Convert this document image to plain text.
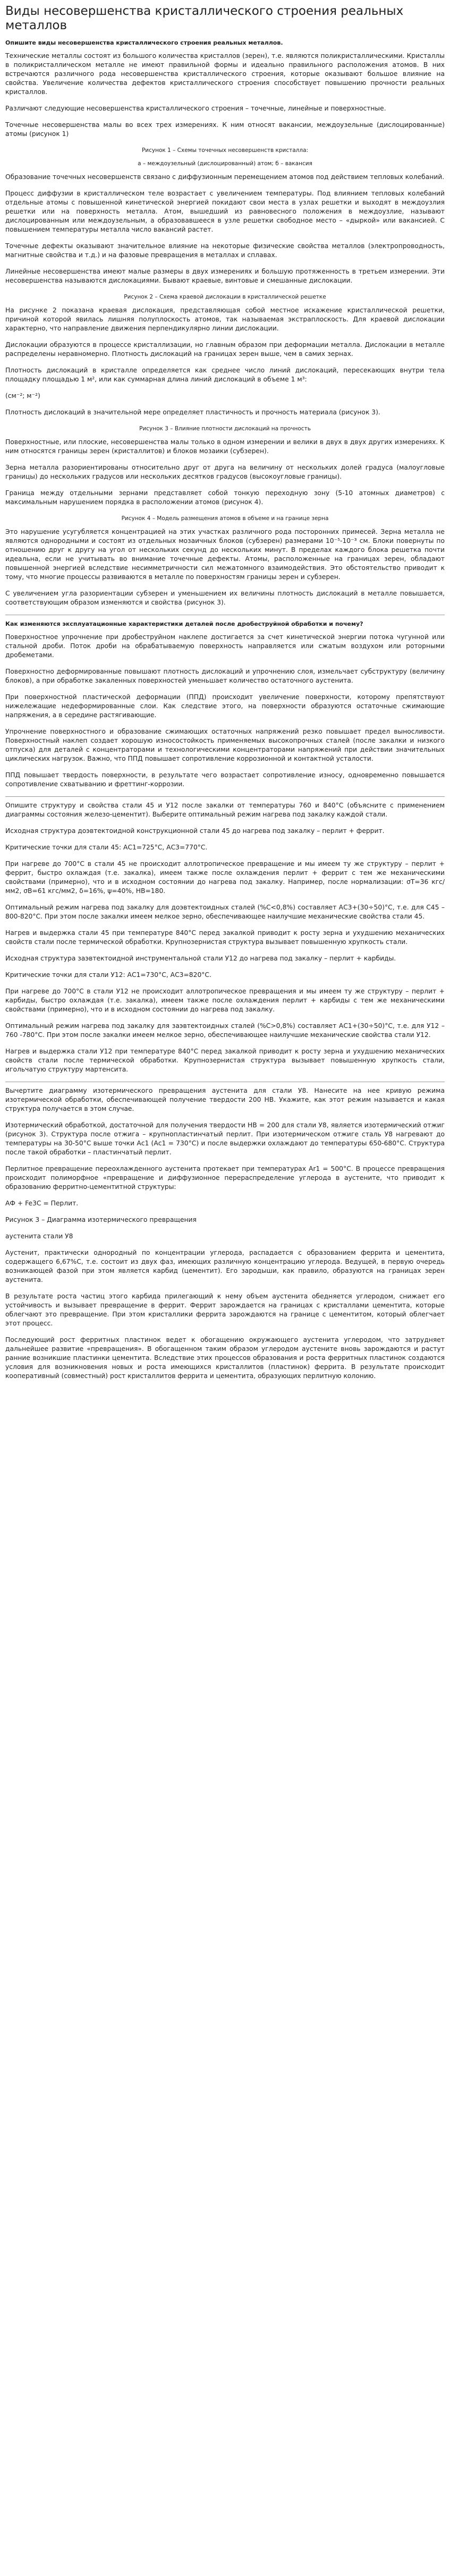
Виды несовершенства кристаллического строения реальных металлов

Опишите виды несовершенства кристаллического строения реальных металлов.

Технические металлы состоят из большого количества кристаллов (зерен), т.е. являются поликристаллическими. Кристаллы в поликристаллическом металле не имеют правильной формы и идеально правильного расположения атомов. В них встречаются различного рода несовершенства кристаллического строения, которые оказывают большое влияние на свойства. Увеличение количества дефектов кристаллического строения способствует повышению прочности реальных кристаллов.

Различают следующие несовершенства кристаллического строения – точечные, линейные и поверхностные.

Точечные несовершенства малы во всех трех измерениях. К ним относят вакансии, междоузельные (дислоцированные) атомы (рисунок 1)

Рисунок 1 – Схемы точечных несовершенств кристалла:
а – междоузельный (дислоцированный) атом; б – вакансия

Образование точечных несовершенств связано с диффузионным перемещением атомов под действием тепловых колебаний.

Процесс диффузии в кристаллическом теле возрастает с увеличением температуры. Под влиянием тепловых колебаний отдельные атомы с повышенной кинетической энергией покидают свои места в узлах решетки и выходят в междоузлия решетки или на поверхность металла. Атом, вышедший из равновесного положения в междоузлие, называют дислоцированным или междоузельным, а образовавшееся в узле решетки свободное место – «дыркой» или вакансией. С повышением температуры металла число вакансий растет.

Точечные дефекты оказывают значительное влияние на некоторые физические свойства металлов (электропроводность, магнитные свойства и т.д.) и на фазовые превращения в металлах и сплавах.

Линейные несовершенства имеют малые размеры в двух измерениях и большую протяженность в третьем измерении. Эти несовершенства называются дислокациями. Бывают краевые, винтовые и смешанные дислокации.

Рисунок 2 – Схема краевой дислокации в кристаллической решетке

На рисунке 2 показана краевая дислокация, представляющая собой местное искажение кристаллической решетки, причиной которой явилась лишняя полуплоскость атомов, так называемая экстраплоскость. Для краевой дислокации характерно, что направление движения перпендикулярно линии дислокации.

Дислокации образуются в процессе кристаллизации, но главным образом при деформации металла. Дислокации в металле распределены неравномерно. Плотность дислокаций на границах зерен выше, чем в самих зернах.

Плотность дислокаций в кристалле определяется как среднее число линий дислокаций, пересекающих внутри тела площадку площадью 1 м², или как суммарная длина линий дислокаций в объеме 1 м³:

(см⁻²; м⁻²)

Плотность дислокаций в значительной мере определяет пластичность и прочность материала (рисунок 3).

Рисунок 3 – Влияние плотности дислокаций на прочность

Поверхностные, или плоские, несовершенства малы только в одном измерении и велики в двух в двух других измерениях. К ним относятся границы зерен (кристаллитов) и блоков мозаики (субзерен).

Зерна металла разориентированы относительно друг от друга на величину от нескольких долей градуса (малоугловые границы) до нескольких градусов или нескольких десятков градусов (высокоугловые границы).

Граница между отдельными зернами представляет собой тонкую переходную зону (5-10 атомных диаметров) с максимальным нарушением порядка в расположении атомов (рисунок 4).

Рисунок 4 – Модель размещения атомов в объеме и на границе зерна

Это нарушение усугубляется концентрацией на этих участках различного рода посторонних примесей. Зерна металла не являются однородными и состоят из отдельных мозаичных блоков (субзерен) размерами 10⁻⁵-10⁻³ см. Блоки повернуты по отношению друг к другу на угол от нескольких секунд до нескольких минут. В пределах каждого блока решетка почти идеальна, если не учитывать во внимание точечные дефекты. Атомы, расположенные на границах зерен, обладают повышенной энергией вследствие несимметричности сил межатомного взаимодействия. Это обстоятельство приводит к тому, что многие процессы развиваются в металле по поверхностям границы зерен и субзерен.

С увеличением угла разориентации субзерен и уменьшением их величины плотность дислокаций в металле повышается, соответствующим образом изменяются и свойства (рисунок 3).

Как изменяются эксплуатационные характеристики деталей после дробеструйной обработки и почему?

Поверхностное упрочнение при дробеструйном наклепе достигается за счет кинетической энергии потока чугунной или стальной дроби. Поток дроби на обрабатываемую поверхность направляется или сжатым воздухом или роторными дробеметами.

Поверхностно деформированные повышают плотность дислокаций и упрочнению слоя, измельчает субструктуру (величину блоков), а при обработке закаленных поверхностей уменьшает количество остаточного аустенита.

При поверхностной пластической деформации (ППД) происходит увеличение поверхности, которому препятствуют нижележащие недеформированные слои. Как следствие этого, на поверхности образуются остаточные сжимающие напряжения, а в середине растягивающие.

Упрочнение поверхностного и образование сжимающих остаточных напряжений резко повышает предел выносливости. Поверхностный наклеп создает хорошую износостойкость применяемых высокопрочных сталей (после закалки и низкого отпуска) для деталей с концентраторами и технологическими концентраторами напряжений при действии значительных циклических нагрузок. Важно, что ППД повышает сопротивление коррозионной и контактной усталости.

ППД повышает твердость поверхности, в результате чего возрастает сопротивление износу, одновременно повышается сопротивление схватыванию и фреттинг-коррозии.

Опишите структуру и свойства стали 45 и У12 после закалки от температуры 760 и 840°С (объясните с применением диаграммы состояния железо-цементит). Выберите оптимальный режим нагрева под закалку каждой стали.

Исходная структура доэвтектоидной конструкционной стали 45 до нагрева под закалку – перлит + феррит.

Критические точки для стали 45: АС1=725°С, АС3=770°С.

При нагреве до 700°С в стали 45 не происходит аллотропическое превращение и мы имеем ту же структуру – перлит + феррит, быстро охлаждая (т.е. закалка), имеем также после охлаждения перлит + феррит с тем же механическими свойствами (примерно), что и в исходном состоянии до нагрева под закалку. Например, после нормализации: σТ=36 кгс/мм2, σВ=61 кгс/мм2, δ=16%, ψ=40%, НВ=180.

Оптимальный режим нагрева под закалку для доэвтектоидных сталей (%С<0,8%) составляет АС3+(30÷50)°С, т.е. для С45 – 800-820°С. При этом после закалки имеем мелкое зерно, обеспечивающее наилучшие механические свойства стали 45.

Нагрев и выдержка стали 45 при температуре 840°С перед закалкой приводит к росту зерна и ухудшению механических свойств стали после термической обработки. Крупнозернистая структура вызывает повышенную хрупкость стали.

Исходная структура заэвтектоидной инструментальной стали У12 до нагрева под закалку – перлит + карбиды.

Критические точки для стали У12: АС1=730°С, АС3=820°С.

При нагреве до 700°С в стали У12 не происходит аллотропическое превращения и мы имеем ту же структуру – перлит + карбиды, быстро охлаждая (т.е. закалка), имеем также после охлаждения перлит + карбиды с тем же механическими свойствами (примерно), что и в исходном состоянии до нагрева под закалку.

Оптимальный режим нагрева под закалку для заэвтектоидных сталей (%С>0,8%) составляет АС1+(30÷50)°С, т.е. для У12 – 760 -780°С. При этом после закалки имеем мелкое зерно, обеспечивающее наилучшие механические свойства стали У12.

Нагрев и выдержка стали У12 при температуре 840°С перед закалкой приводит к росту зерна и ухудшению механических свойств стали после термической обработки. Крупнозернистая структура вызывает повышенную хрупкость стали, игольчатую структуру мартенсита.

Вычертите диаграмму изотермического превращения аустенита для стали У8. Нанесите на нее кривую режима изотермической обработки, обеспечивающей получение твердости 200 НВ. Укажите, как этот режим называется и какая структура получается в этом случае.

Изотермический обработкой, достаточной для получения твердости НВ = 200 для стали У8, является изотермический отжиг (рисунок 3). Структура после отжига – крупнопластинчатый перлит. При изотермическом отжиге сталь У8 нагревают до температуры на 30-50°С выше точки Ас1 (Ас1 = 730°С) и после выдержки охлаждают до температуры 650-680°С. Структура после такой обработки – пластинчатый перлит.

Перлитное превращение переохлажденного аустенита протекает при температурах Аr1 = 500°С. В процессе превращения происходит полиморфное «превращение и диффузионное перераспределение углерода в аустените, что приводит к образованию ферритно-цементитной структуры:

АФ + Fe3C = Перлит.

Рисунок 3 – Диаграмма изотермического превращения

аустенита стали У8

Аустенит, практически однородный по концентрации углерода, распадается с образованием феррита и цементита, содержащего 6,67%С, т.е. состоит из двух фаз, имеющих различную концентрацию углерода. Ведущей, в первую очередь возникающей фазой при этом является карбид (цементит). Его зародыши, как правило, образуются на границах зерен аустенита.

В результате роста частиц этого карбида прилегающий к нему объем аустенита обедняется углеродом, снижает его устойчивость и вызывает превращение в феррит. Феррит зарождается на границах с кристаллами цементита, которые облегчают это превращение. При этом кристаллики феррита зарождаются на границе с цементитом, который облегчает этот процесс.

Последующий рост ферритных пластинок ведет к обогащению окружающего аустенита углеродом, что затрудняет дальнейшее развитие «превращения». В обогащенном таким образом углеродом аустените вновь зарождаются и растут ранние возникшие пластинки цементита. Вследствие этих процессов образования и роста ферритных пластинок создаются условия для возникновения новых и роста имеющихся кристаллитов (пластинок) феррита. В результате происходит кооперативный (совместный) рост кристаллитов феррита и цементита, образующих перлитную колонию.
